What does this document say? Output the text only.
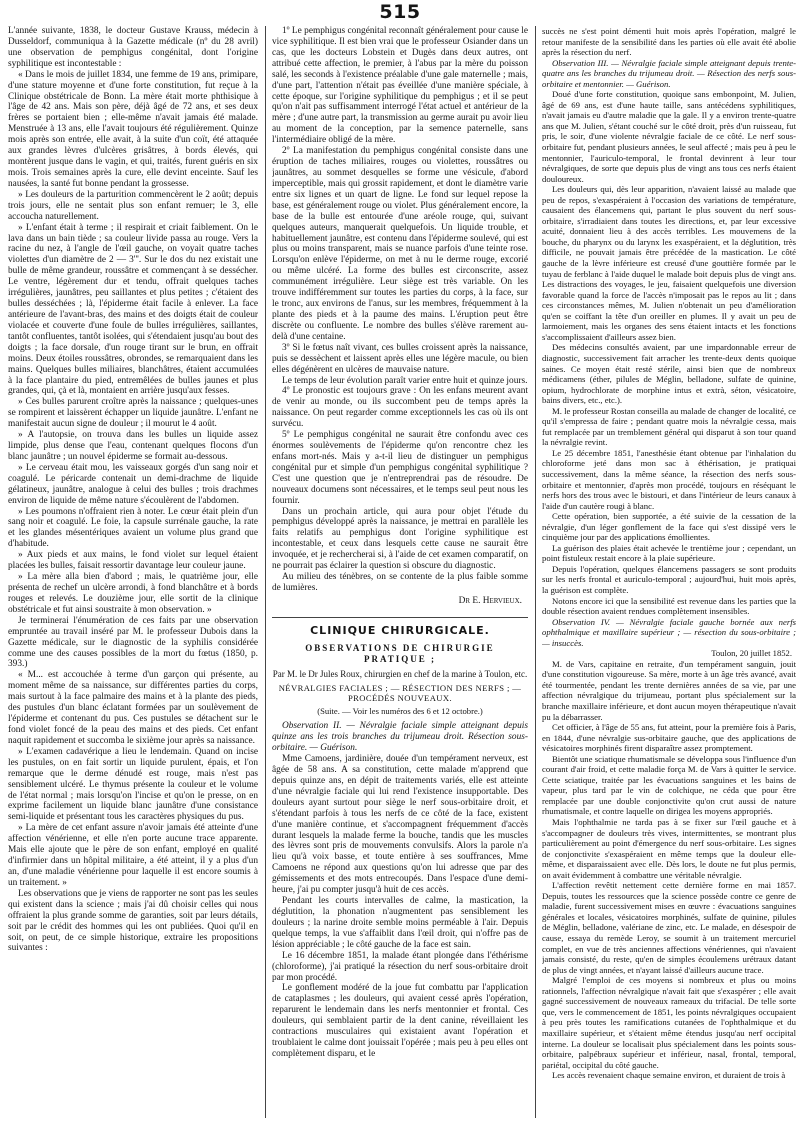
515

L'année suivante, 1838, le docteur Gustave Krauss, médecin à Dusseldorf, communiqua à la Gazette médicale (nº du 28 avril) une observation de pemphigus congénital, dont l'origine syphilitique est incontestable :

« Dans le mois de juillet 1834, une femme de 19 ans, primipare, d'une stature moyenne et d'une forte constitution, fut reçue à la Clinique obstétricale de Bonn. La mère était morte phthisique à l'âge de 42 ans. Mais son père, déjà âgé de 72 ans, et ses deux frères se portaient bien ; elle-même n'avait jamais été malade. Menstruée à 13 ans, elle l'avait toujours été régulièrement. Quinze mois après son entrée, elle avait, à la suite d'un coït, été attaquée aux grandes lèvres d'ulcères grisâtres, à bords élevés, qui montèrent jusque dans le vagin, et qui, traités, furent guéris en six mois. Trois semaines après la cure, elle devint enceinte. Sauf les nausées, la santé fut bonne pendant la grossesse.

» Les douleurs de la parturition commencèrent le 2 août; depuis trois jours, elle ne sentait plus son enfant remuer; le 3, elle accoucha naturellement.

» L'enfant était à terme ; il respirait et criait faiblement. On le lava dans un bain tiède ; sa couleur livide passa au rouge. Vers la racine du nez, à l'angle de l'œil gauche, on voyait quatre taches violettes d'un diamètre de 2 — 3'''. Sur le dos du nez existait une bulle de même grandeur, roussâtre et commençant à se dessécher. Le ventre, légèrement dur et tendu, offrait quelques taches irrégulières, jaunâtres, peu saillantes et plus petites ; c'étaient des bulles desséchées ; là, l'épiderme était facile à enlever. La face antérieure de l'avant-bras, des mains et des doigts était de couleur violacée et couverte d'une foule de bulles irrégulières, saillantes, tantôt confluentes, tantôt isolées, qui s'étendaient jusqu'au bout des doigts ; la face dorsale, d'un rouge tirant sur le brun, en offrait moins. Deux étoiles roussâtres, obrondes, se remarquaient dans les mains. Quelques bulles miliaires, blanchâtres, étaient accumulées à la face plantaire du pied, entremêlées de bulles jaunes et plus grandes, qui, çà et là, montaient en arrière jusqu'aux fesses.

» Ces bulles parurent croître après la naissance ; quelques-unes se rompirent et laissèrent échapper un liquide jaunâtre. L'enfant ne manifestait aucun signe de douleur ; il mourut le 4 août.

» A l'autopsie, on trouva dans les bulles un liquide assez limpide, plus dense que l'eau, contenant quelques flocons d'un blanc jaunâtre ; un nouvel épiderme se formait au-dessous.

» Le cerveau était mou, les vaisseaux gorgés d'un sang noir et coagulé. Le péricarde contenait un demi-drachme de liquide gélatineux, jaunâtre, analogue à celui des bulles ; trois drachmes environ de liquide de même nature s'écoulèrent de l'abdomen.

» Les poumons n'offraient rien à noter. Le cœur était plein d'un sang noir et coagulé. Le foie, la capsule surrénale gauche, la rate et les glandes mésentériques avaient un volume plus grand que d'habitude.

» Aux pieds et aux mains, le fond violet sur lequel étaient placées les bulles, faisait ressortir davantage leur couleur jaune.

» La mère alla bien d'abord ; mais, le quatrième jour, elle présenta de rechef un ulcère arrondi, à fond blanchâtre et à bords rouges et relevés. Le douzième jour, elle sortit de la clinique obstétricale et fut ainsi soustraite à mon observation. »

Je terminerai l'énumération de ces faits par une observation empruntée au travail inséré par M. le professeur Dubois dans la Gazette médicale, sur le diagnostic de la syphilis considérée comme une des causes possibles de la mort du fœtus (1850, p. 393.)

« M... est accouchée à terme d'un garçon qui présente, au moment même de sa naissance, sur différentes parties du corps, mais surtout à la face palmaire des mains et à la plante des pieds, des pustules d'un blanc éclatant formées par un soulèvement de l'épiderme et contenant du pus. Ces pustules se détachent sur le fond violet foncé de la peau des mains et des pieds. Cet enfant naquit rapidement et succomba le sixième jour après sa naissance.

» L'examen cadavérique a lieu le lendemain. Quand on incise les pustules, on en fait sortir un liquide purulent, épais, et l'on remarque que le derme dénudé est rouge, mais n'est pas sensiblement ulcéré. Le thymus présente la couleur et le volume de l'état normal ; mais lorsqu'on l'incise et qu'on le presse, on en exprime facilement un liquide blanc jaunâtre d'une consistance semi-liquide et présentant tous les caractères physiques du pus.

» La mère de cet enfant assure n'avoir jamais été atteinte d'une affection vénérienne, et elle n'en porte aucune trace apparente. Mais elle ajoute que le père de son enfant, employé en qualité d'infirmier dans un hôpital militaire, a été atteint, il y a plus d'un an, d'une maladie vénérienne pour laquelle il est encore soumis à un traitement. »

Les observations que je viens de rapporter ne sont pas les seules qui existent dans la science ; mais j'ai dû choisir celles qui nous offraient la plus grande somme de garanties, soit par leurs détails, soit par le crédit des hommes qui les ont publiées. Quoi qu'il en soit, on peut, de ce simple historique, extraire les propositions suivantes :

1º Le pemphigus congénital reconnaît généralement pour cause le vice syphilitique. Il est bien vrai que le professeur Osiander dans un cas, que les docteurs Lobstein et Dugès dans deux autres, ont attribué cette affection, le premier, à l'abus par la mère du poisson salé, les seconds à l'existence préalable d'une gale maternelle ; mais, d'une part, l'attention n'était pas éveillée d'une manière spéciale, à cette époque, sur l'origine syphilitique du pemphigus ; et il se peut qu'on n'ait pas suffisamment interrogé l'état actuel et antérieur de la mère ; d'une autre part, la transmission au germe aurait pu avoir lieu au moment de la conception, par la semence paternelle, sans l'intermédiaire obligé de la mère.

2º La manifestation du pemphigus congénital consiste dans une éruption de taches miliaires, rouges ou violettes, roussâtres ou jaunâtres, au sommet desquelles se forme une vésicule, d'abord imperceptible, mais qui grossit rapidement, et dont le diamètre varie entre six lignes et un quart de ligne. Le fond sur lequel repose la base, est généralement rouge ou violet. Plus généralement encore, la base de la bulle est entourée d'une aréole rouge, qui, suivant quelques auteurs, manquerait quelquefois. Un liquide trouble, et habituellement jaunâtre, est contenu dans l'épiderme soulevé, qui est plus ou moins transparent, mais se nuance parfois d'une teinte rose. Lorsqu'on enlève l'épiderme, on met à nu le derme rouge, excorié ou même ulcéré. La forme des bulles est circonscrite, assez communément irrégulière. Leur siège est très variable. On les trouve indifféremment sur toutes les parties du corps, à la face, sur le tronc, aux environs de l'anus, sur les membres, fréquemment à la plante des pieds et à la paume des mains. L'éruption peut être discrète ou confluente. Le nombre des bulles s'élève rarement au-delà d'une centaine.

3º Si le fœtus naît vivant, ces bulles croissent après la naissance, puis se dessèchent et laissent après elles une légère macule, ou bien elles dégénèrent en ulcères de mauvaise nature.

Le temps de leur évolution paraît varier entre huit et quinze jours.

4º Le pronostic est toujours grave : On les enfans meurent avant de venir au monde, ou ils succombent peu de temps après la naissance. On peut regarder comme exceptionnels les cas où ils ont survécu.

5º Le pemphigus congénital ne saurait être confondu avec ces énormes soulèvements de l'épiderme qu'on rencontre chez les enfans mort-nés. Mais y a-t-il lieu de distinguer un pemphigus congénital pur et simple d'un pemphigus congénital syphilitique ? C'est une question que je n'entreprendrai pas de résoudre. De nouveaux documens sont nécessaires, et le temps seul peut nous les fournir.

Dans un prochain article, qui aura pour objet l'étude du pemphigus développé après la naissance, je mettrai en parallèle les faits relatifs au pemphigus dont l'origine syphilitique est incontestable, et ceux dans lesquels cette cause ne saurait être invoquée, et je rechercherai si, à l'aide de cet examen comparatif, on ne pourrait pas éclairer la question si obscure du diagnostic.

Au milieu des ténèbres, on se contente de la plus faible somme de lumières.

Dr E. Hervieux.
CLINIQUE CHIRURGICALE.
OBSERVATIONS DE CHIRURGIE PRATIQUE ;
Par M. le Dr Jules Roux, chirurgien en chef de la marine à Toulon, etc.
NÉVRALGIES FACIALES ; — RÉSECTION DES NERFS ; — PROCÉDÉS NOUVEAUX.
(Suite. — Voir les numéros des 6 et 12 octobre.)

Observation II. — Névralgie faciale simple atteignant depuis quinze ans les trois branches du trijumeau droit. Résection sous-orbitaire. — Guérison.

Mme Camoens, jardinière, douée d'un tempérament nerveux, est âgée de 58 ans. A sa constitution, cette malade m'apprend que depuis quinze ans, en dépit de traitements variés, elle est atteinte d'une névralgie faciale qui lui rend l'existence insupportable. Des douleurs ayant surtout pour siège le nerf sous-orbitaire droit, et s'étendant parfois à tous les nerfs de ce côté de la face, existent d'une manière continue, et s'accompagnent fréquemment d'accès durant lesquels la malade ferme la bouche, tandis que les muscles des lèvres sont pris de mouvements convulsifs. Alors la parole n'a lieu qu'à voix basse, et toute entière à ses souffrances, Mme Camoens ne répond aux questions qu'on lui adresse que par des gémissements et des mots entrecoupés. Dans l'espace d'une demi-heure, j'ai pu compter jusqu'à huit de ces accès.

Pendant les courts intervalles de calme, la mastication, la déglutition, la phonation n'augmentent pas sensiblement les douleurs ; la narine droite semble moins perméable à l'air. Depuis quelque temps, la vue s'affaiblit dans l'œil droit, qui n'offre pas de lésion appréciable ; le côté gauche de la face est sain.

Le 16 décembre 1851, la malade étant plongée dans l'éthérisme (chloroforme), j'ai pratiqué la résection du nerf sous-orbitaire droit par mon procédé.

Le gonflement modéré de la joue fut combattu par l'application de cataplasmes ; les douleurs, qui avaient cessé après l'opération, reparurent le lendemain dans les nerfs mentonnier et frontal. Ces douleurs, qui semblaient partir de la dent canine, réveillaient les contractions musculaires qui existaient avant l'opération et troublaient le calme dont jouissait l'opérée ; mais peu à peu elles ont complètement disparu, et le

succès ne s'est point démenti huit mois après l'opération, malgré le retour manifeste de la sensibilité dans les parties où elle avait été abolie après la résection du nerf.

Observation III. — Névralgie faciale simple atteignant depuis trente-quatre ans les branches du trijumeau droit. — Résection des nerfs sous-orbitaire et mentonnier. — Guérison.

Doué d'une forte constitution, quoique sans embonpoint, M. Julien, âgé de 69 ans, est d'une haute taille, sans antécédens syphilitiques, n'avait jamais eu d'autre maladie que la gale. Il y a environ trente-quatre ans que M. Julien, s'étant couché sur le côté droit, près d'un ruisseau, fut pris, le soir, d'une violente névralgie faciale de ce côté. Le nerf sous-orbitaire fut, pendant plusieurs années, le seul affecté ; mais peu à peu le mentonnier, l'auriculo-temporal, le frontal devinrent à leur tour névralgiques, de sorte que depuis plus de vingt ans tous ces nerfs étaient douloureux.

Les douleurs qui, dès leur apparition, n'avaient laissé au malade que peu de repos, s'exaspéraient à l'occasion des variations de température, causaient des élancemens qui, partant le plus souvent du nerf sous-orbitaire, s'irradiaient dans toutes les directions, et, par leur excessive acuité, donnaient lieu à des accès terribles. Les mouvemens de la bouche, du pharynx ou du larynx les exaspéraient, et la déglutition, très difficile, ne pouvait jamais être précédée de la mastication. Le côté gauche de la lèvre inférieure est creusé d'une gouttière formée par le tuyau de ferblanc à l'aide duquel le malade boit depuis plus de vingt ans. Les distractions des voyages, le jeu, faisaient quelquefois une diversion favorable quand la force de l'accès n'imposait pas le repos au lit ; dans ces circonstances mêmes, M. Julien n'obtenait un peu d'amélioration qu'en se coiffant la tête d'un oreiller en plumes. Il y avait un peu de larmoiement, mais les organes des sens étaient intacts et les fonctions s'accomplissaient d'ailleurs assez bien.

Des médecins consultés avaient, par une impardonnable erreur de diagnostic, successivement fait arracher les trente-deux dents quoique saines. Ce moyen était resté stérile, ainsi bien que de nombreux médicamens (éther, pilules de Méglin, belladone, sulfate de quinine, opium, hydrochlorate de morphine intus et extrà, séton, vésicatoire, bains divers, etc., etc.).

M. le professeur Rostan conseilla au malade de changer de localité, ce qu'il s'empressa de faire ; pendant quatre mois la névralgie cessa, mais fut remplacée par un tremblement général qui disparut à son tour quand la névralgie revint.

Le 25 décembre 1851, l'anesthésie étant obtenue par l'inhalation du chloroforme jeté dans mon sac à éthérisation, je pratiquai successivement, dans la même séance, la résection des nerfs sous-orbitaire et mentonnier, d'après mon procédé, toujours en réséquant le nerfs hors des trous avec le bistouri, et dans l'intérieur de leurs canaux à l'aide d'un cautère rougi à blanc.

Cette opération, bien supportée, a été suivie de la cessation de la névralgie, d'un léger gonflement de la face qui s'est dissipé vers le cinquième jour par des applications émollientes.

La guérison des plaies était achevée le trentième jour ; cependant, un point fistuleux restait encore à la plaie supérieure.

Depuis l'opération, quelques élancemens passagers se sont produits sur les nerfs frontal et auriculo-temporal ; aujourd'hui, huit mois après, la guérison est complète.

Notons encore ici que la sensibilité est revenue dans les parties que la double résection avaient rendues complètement insensibles.

Observation IV. — Névralgie faciale gauche bornée aux nerfs ophthalmique et maxillaire supérieur ; — résection du sous-orbitaire ; — insuccès.

Toulon, 20 juillet 1852.

M. de Vars, capitaine en retraite, d'un tempérament sanguin, jouit d'une constitution vigoureuse. Sa mère, morte à un âge très avancé, avait été tourmentée, pendant les trente dernières années de sa vie, par une affection névralgique du trijumeau, portant plus spécialement sur la branche maxillaire inférieure, et dont aucun moyen thérapeutique n'avait pu la débarrasser.

Cet officier, à l'âge de 55 ans, fut atteint, pour la première fois à Paris, en 1844, d'une névralgie sus-orbitaire gauche, que des applications de vésicatoires morphinés firent disparaître assez promptement.

Bientôt une sciatique rhumatismale se développa sous l'influence d'un courant d'air froid, et cette maladie força M. de Vars à quitter le service. Cette sciatique, traitée par les évacuations sanguines et les bains de vapeur, plus tard par le vin de colchique, ne céda que pour être remplacée par une double conjonctivite qu'on crut aussi de nature rhumatismale, et contre laquelle on dirigea les moyens appropriés.

Mais l'ophthalmie ne tarda pas à se fixer sur l'œil gauche et à s'accompagner de douleurs très vives, intermittentes, se montrant plus particulièrement au point d'émergence du nerf sous-orbitaire. Les signes de conjonctivite s'exaspéraient en même temps que la douleur elle-même, et disparaissaient avec elle. Dès lors, le doute ne fut plus permis, on avait évidemment à combattre une véritable névralgie.

L'affection revêtit nettement cette dernière forme en mai 1857. Depuis, toutes les ressources que la science possède contre ce genre de maladie, furent successivement mises en œuvre : évacuations sanguines générales et locales, vésicatoires morphinés, sulfate de quinine, pilules de Méglin, belladone, valériane de zinc, etc. Le malade, en désespoir de cause, essaya du remède Leroy, se soumit à un traitement mercuriel complet, en vue de très anciennes affections vénériennes, qui n'avaient jamais consisté, du reste, qu'en de simples écoulemens urétraux datant de plus de vingt années, et n'ayant laissé d'ailleurs aucune trace.

Malgré l'emploi de ces moyens si nombreux et plus ou moins rationnels, l'affection névralgique n'avait fait que s'exaspérer ; elle avait gagné successivement de nouveaux rameaux du trifacial. De telle sorte que, vers le commencement de 1851, les points névralgiques occupaient à peu près toutes les ramifications cutanées de l'ophthalmique et du maxillaire supérieur, et s'étaient même étendus jusqu'au nerf occipital interne. La douleur se localisait plus spécialement dans les points sous-orbitaire, palpébraux supérieur et inférieur, nasal, frontal, temporal, pariétal, occipital du côté gauche.

Les accès revenaient chaque semaine environ, et duraient de trois à
